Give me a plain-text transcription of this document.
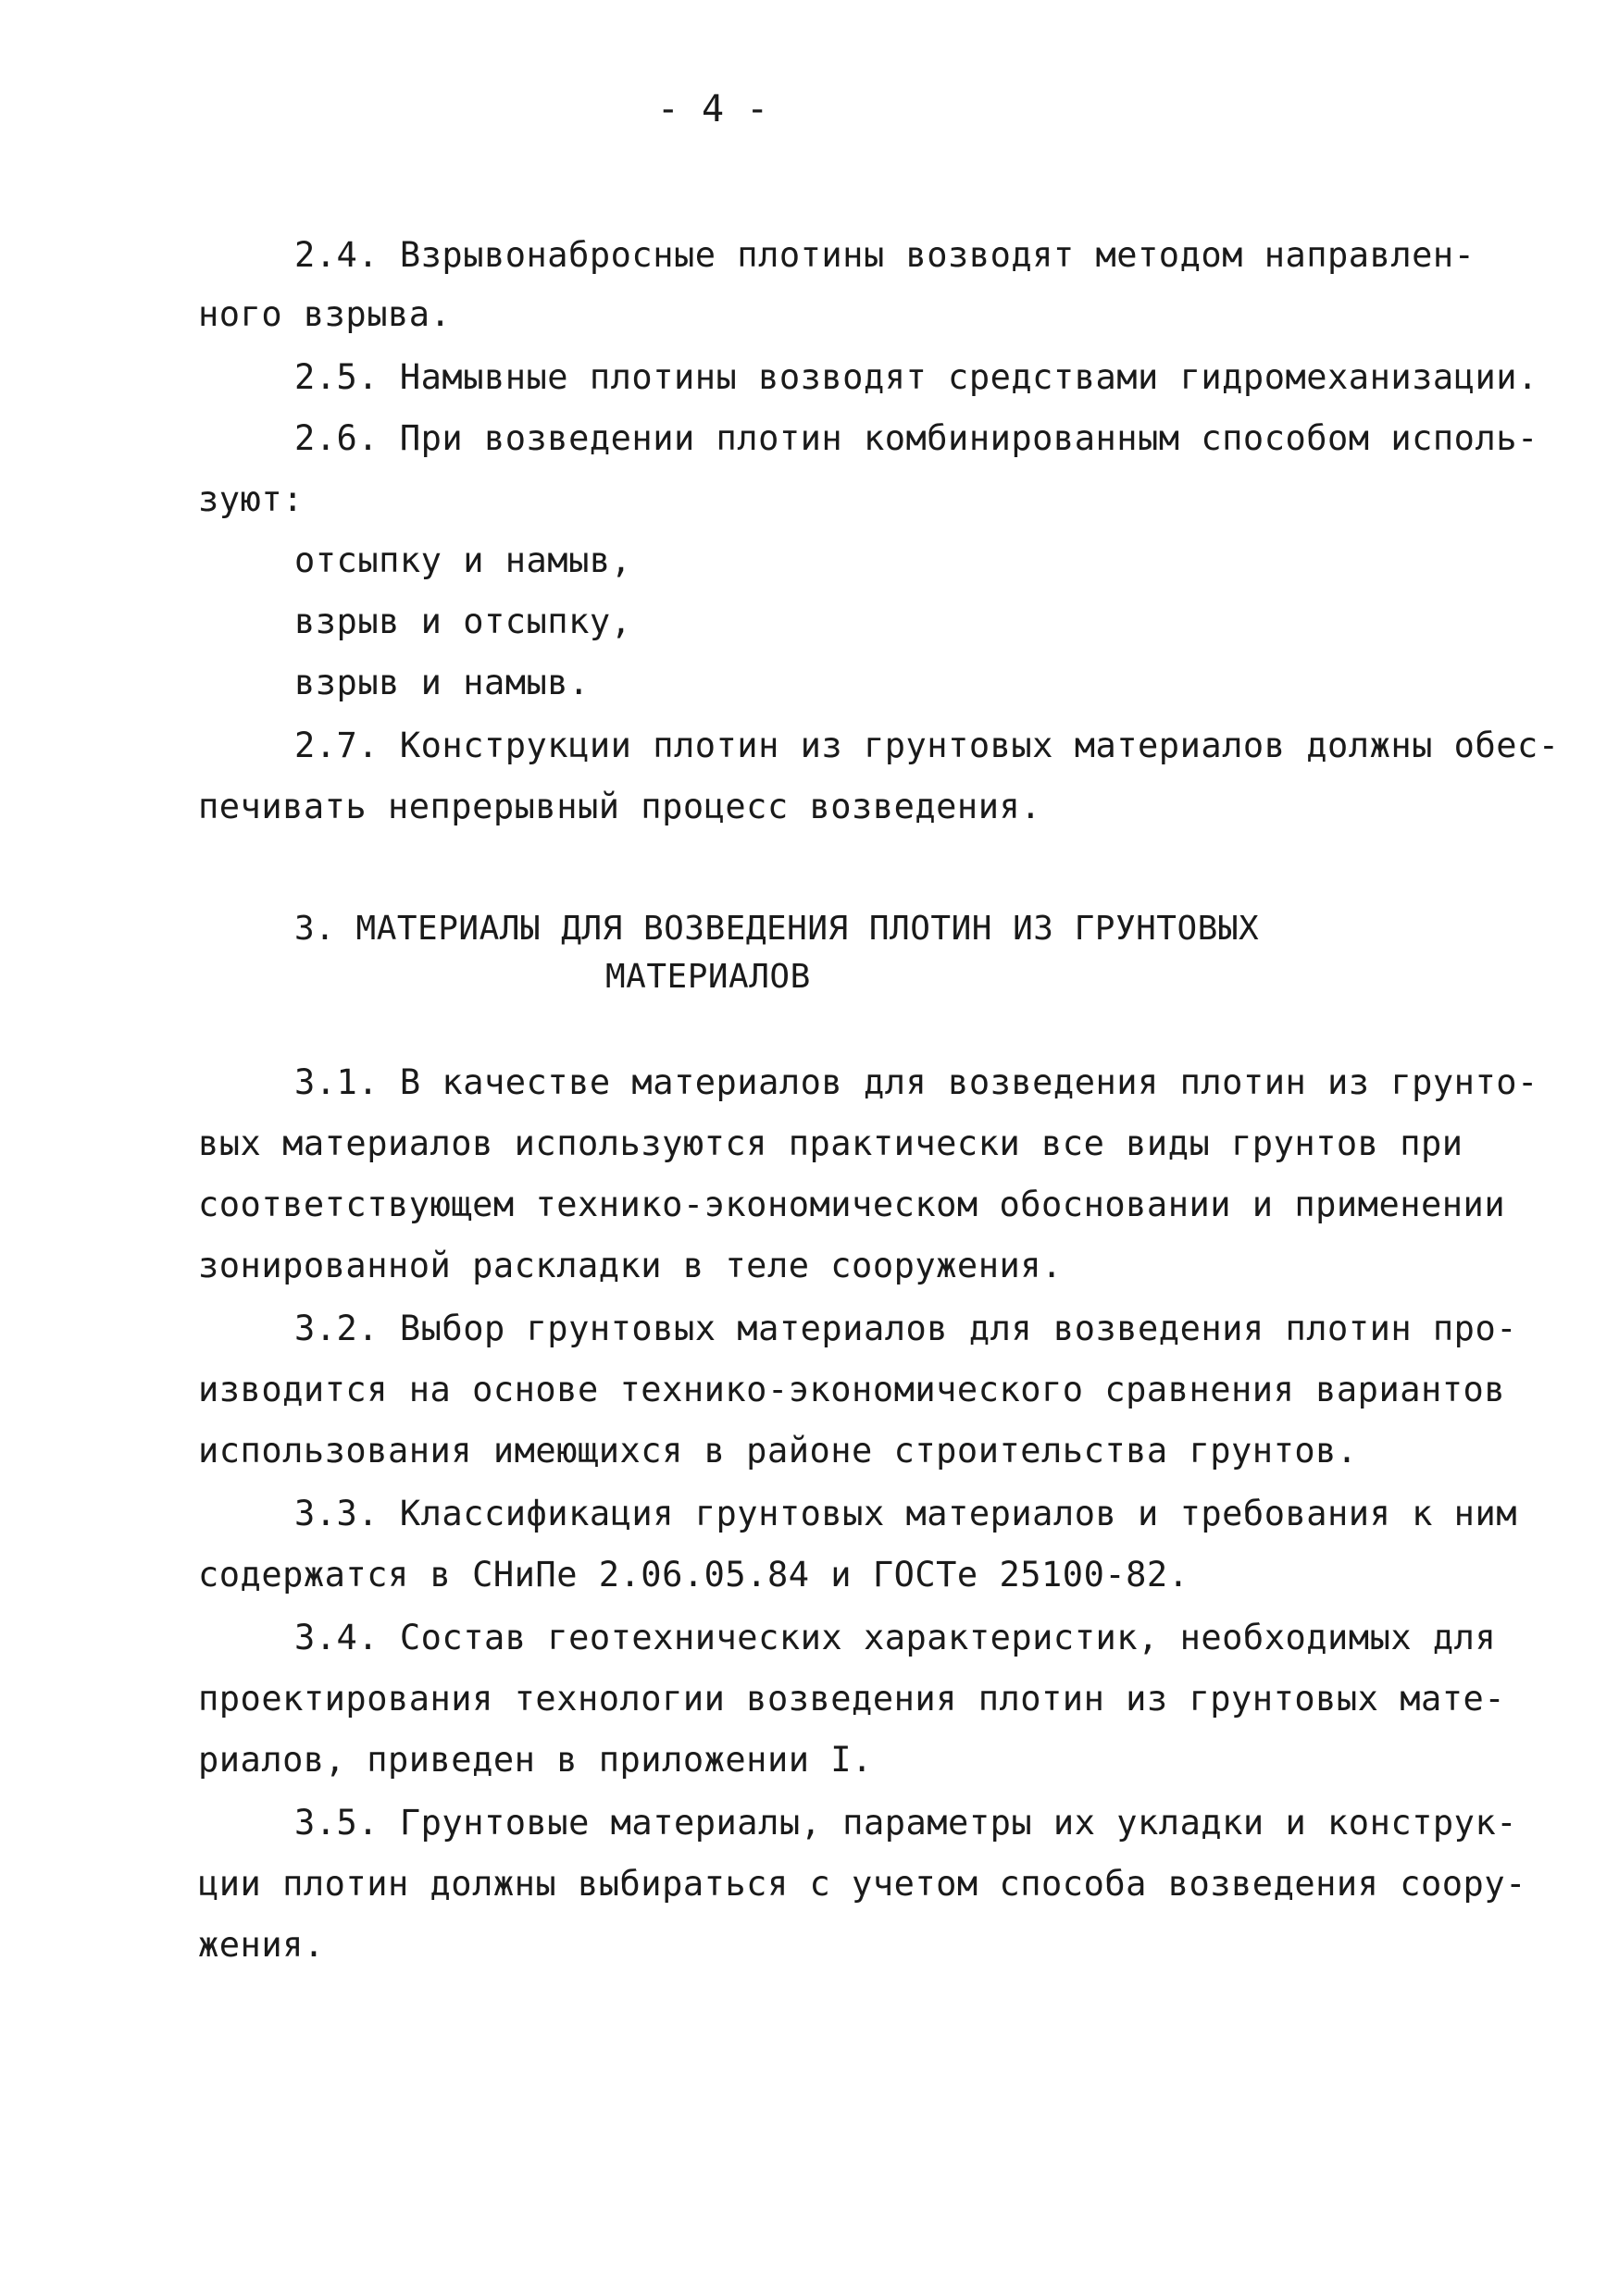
- 4 -
2.4. Взрывонабросные плотины возводят методом направлен-
ного взрыва.
2.5. Намывные плотины возводят средствами гидромеханизации.
2.6. При возведении плотин комбинированным способом исполь-
зуют:
отсыпку и намыв,
взрыв и отсыпку,
взрыв и намыв.
2.7. Конструкции плотин из грунтовых материалов должны обес-
печивать непрерывный процесс возведения.
3. МАТЕРИАЛЫ ДЛЯ ВОЗВЕДЕНИЯ ПЛОТИН ИЗ ГРУНТОВЫХ
МАТЕРИАЛОВ
3.1. В качестве материалов для возведения плотин из грунто-
вых материалов используются практически все виды грунтов при
соответствующем технико-экономическом обосновании и применении
зонированной раскладки в теле сооружения.
3.2. Выбор грунтовых материалов для возведения плотин про-
изводится на основе технико-экономического сравнения вариантов
использования имеющихся в районе строительства грунтов.
3.3. Классификация грунтовых материалов и требования к ним
содержатся в СНиПе 2.06.05.84 и ГОСТе 25100-82.
3.4. Состав геотехнических характеристик, необходимых для
проектирования технологии возведения плотин из грунтовых мате-
риалов, приведен в приложении I.
3.5. Грунтовые материалы, параметры их укладки и конструк-
ции плотин должны выбираться с учетом способа возведения соору-
жения.
